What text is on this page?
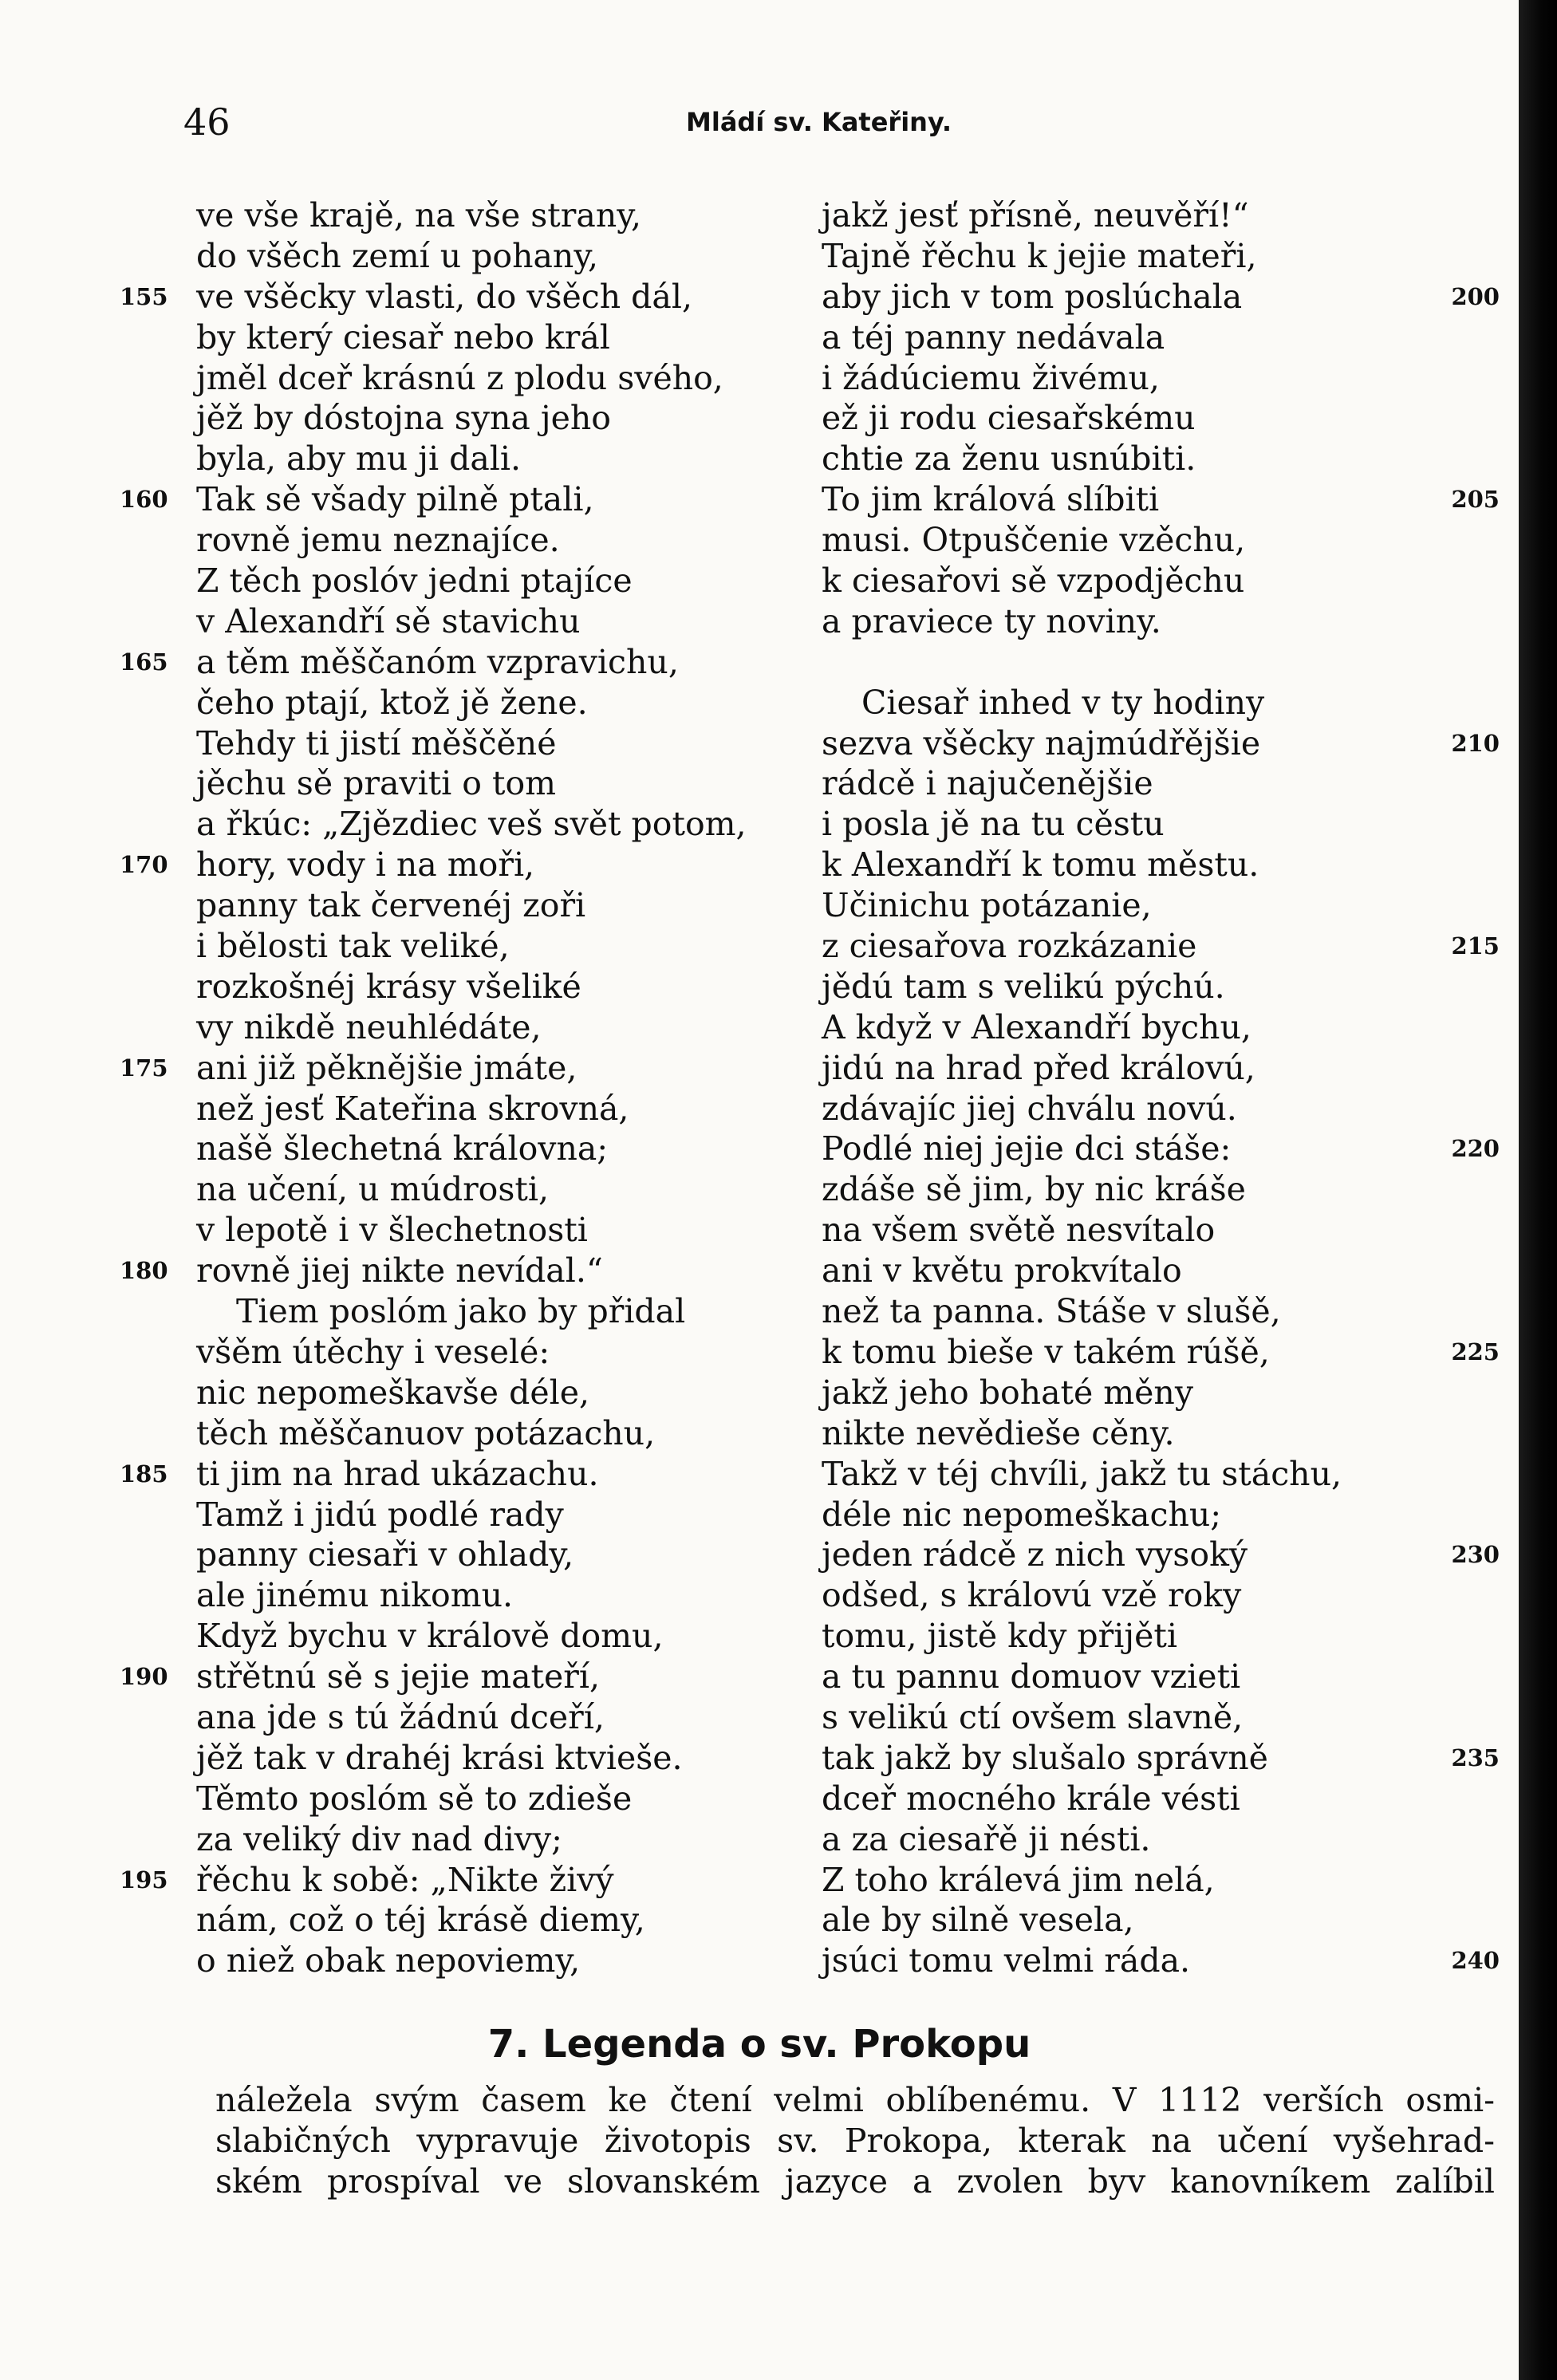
46	Mládí sv. Kateřiny.
ve vše krajě, na vše strany,
do všěch zemí u pohany,
155 ve všěcky vlasti, do všěch dál,
by který ciesař nebo král
jměl dceř krásnú z plodu svého,
jěž by dóstojna syna jeho
byla, aby mu ji dali.
160 Tak sě všady pilně ptali,
rovně jemu neznajíce.
Z těch poslóv jedni ptajíce
v Alexandří sě stavichu
165 a těm měščanóm vzpravichu,
čeho ptají, ktož jě žene.
Tehdy ti jistí měščěné
jěchu sě praviti o tom
a řkúc: „Zjězdiec veš svět potom,
170 hory, vody i na moři,
panny tak červenéj zoři
i bělosti tak veliké,
rozkošnéj krásy všeliké
vy nikdě neuhlédáte,
175 ani již pěknějšie jmáte,
než jesť Kateřina skrovná,
našě šlechetná královna;
na učení, u múdrosti,
v lepotě i v šlechetnosti
180 rovně jiej nikte nevídal.“
Tiem poslóm jako by přidal
všěm útěchy i veselé:
nic nepomeškavše déle,
těch měščanuov potázachu,
185 ti jim na hrad ukázachu.
Tamž i jidú podlé rady
panny ciesaři v ohlady,
ale jinému nikomu.
Když bychu v králově domu,
190 střětnú sě s jejie mateří,
ana jde s tú žádnú dceří,
jěž tak v drahéj krási ktvieše.
Těmto poslóm sě to zdieše
za veliký div nad divy;
195 řěchu k sobě: „Nikte živý
nám, což o téj krásě diemy,
o niež obak nepoviemy,
jakž jesť přísně, neuvěří!“
Tajně řěchu k jejie mateři,
200
aby jich v tom poslúchala
a téj panny nedávala
i žádúciemu živému,
ež ji rodu ciesařskému
chtie za ženu usnúbiti.
205
To jim králová slíbiti
musi. Otpuščenie vzěchu,
k ciesařovi sě vzpodjěchu
a praviece ty noviny.
Ciesař inhed v ty hodiny
210
sezva všěcky najmúdřějšie
rádcě i najučenějšie
i posla jě na tu cěstu
k Alexandří k tomu městu.
Učinichu potázanie,
215
z ciesařova rozkázanie
jědú tam s velikú pýchú.
A když v Alexandří bychu,
jidú na hrad před královú,
zdávajíc jiej chválu novú.
220
Podlé niej jejie dci stáše:
zdáše sě jim, by nic kráše
na všem světě nesvítalo
ani v květu prokvítalo
než ta panna. Stáše v slušě,
225
k tomu bieše v takém rúšě,
jakž jeho bohaté měny
nikte nevědieše cěny.
Takž v téj chvíli, jakž tu stáchu,
déle nic nepomeškachu;
230
jeden rádcě z nich vysoký
odšed, s královú vzě roky
tomu, jistě kdy přijěti
a tu pannu domuov vzieti
s velikú ctí ovšem slavně,
235
tak jakž by slušalo správně
dceř mocného krále vésti
a za ciesařě ji nésti.
Z toho králevá jim nelá,
ale by silně vesela,
240
jsúci tomu velmi ráda.
7. Legenda o sv. Prokopu
náležela svým časem ke čtení velmi oblíbenému. V 1112 verších osmi-
slabičných vypravuje životopis sv. Prokopa, kterak na učení vyšehrad-
ském prospíval ve slovanském jazyce a zvolen byv kanovníkem zalíbil
